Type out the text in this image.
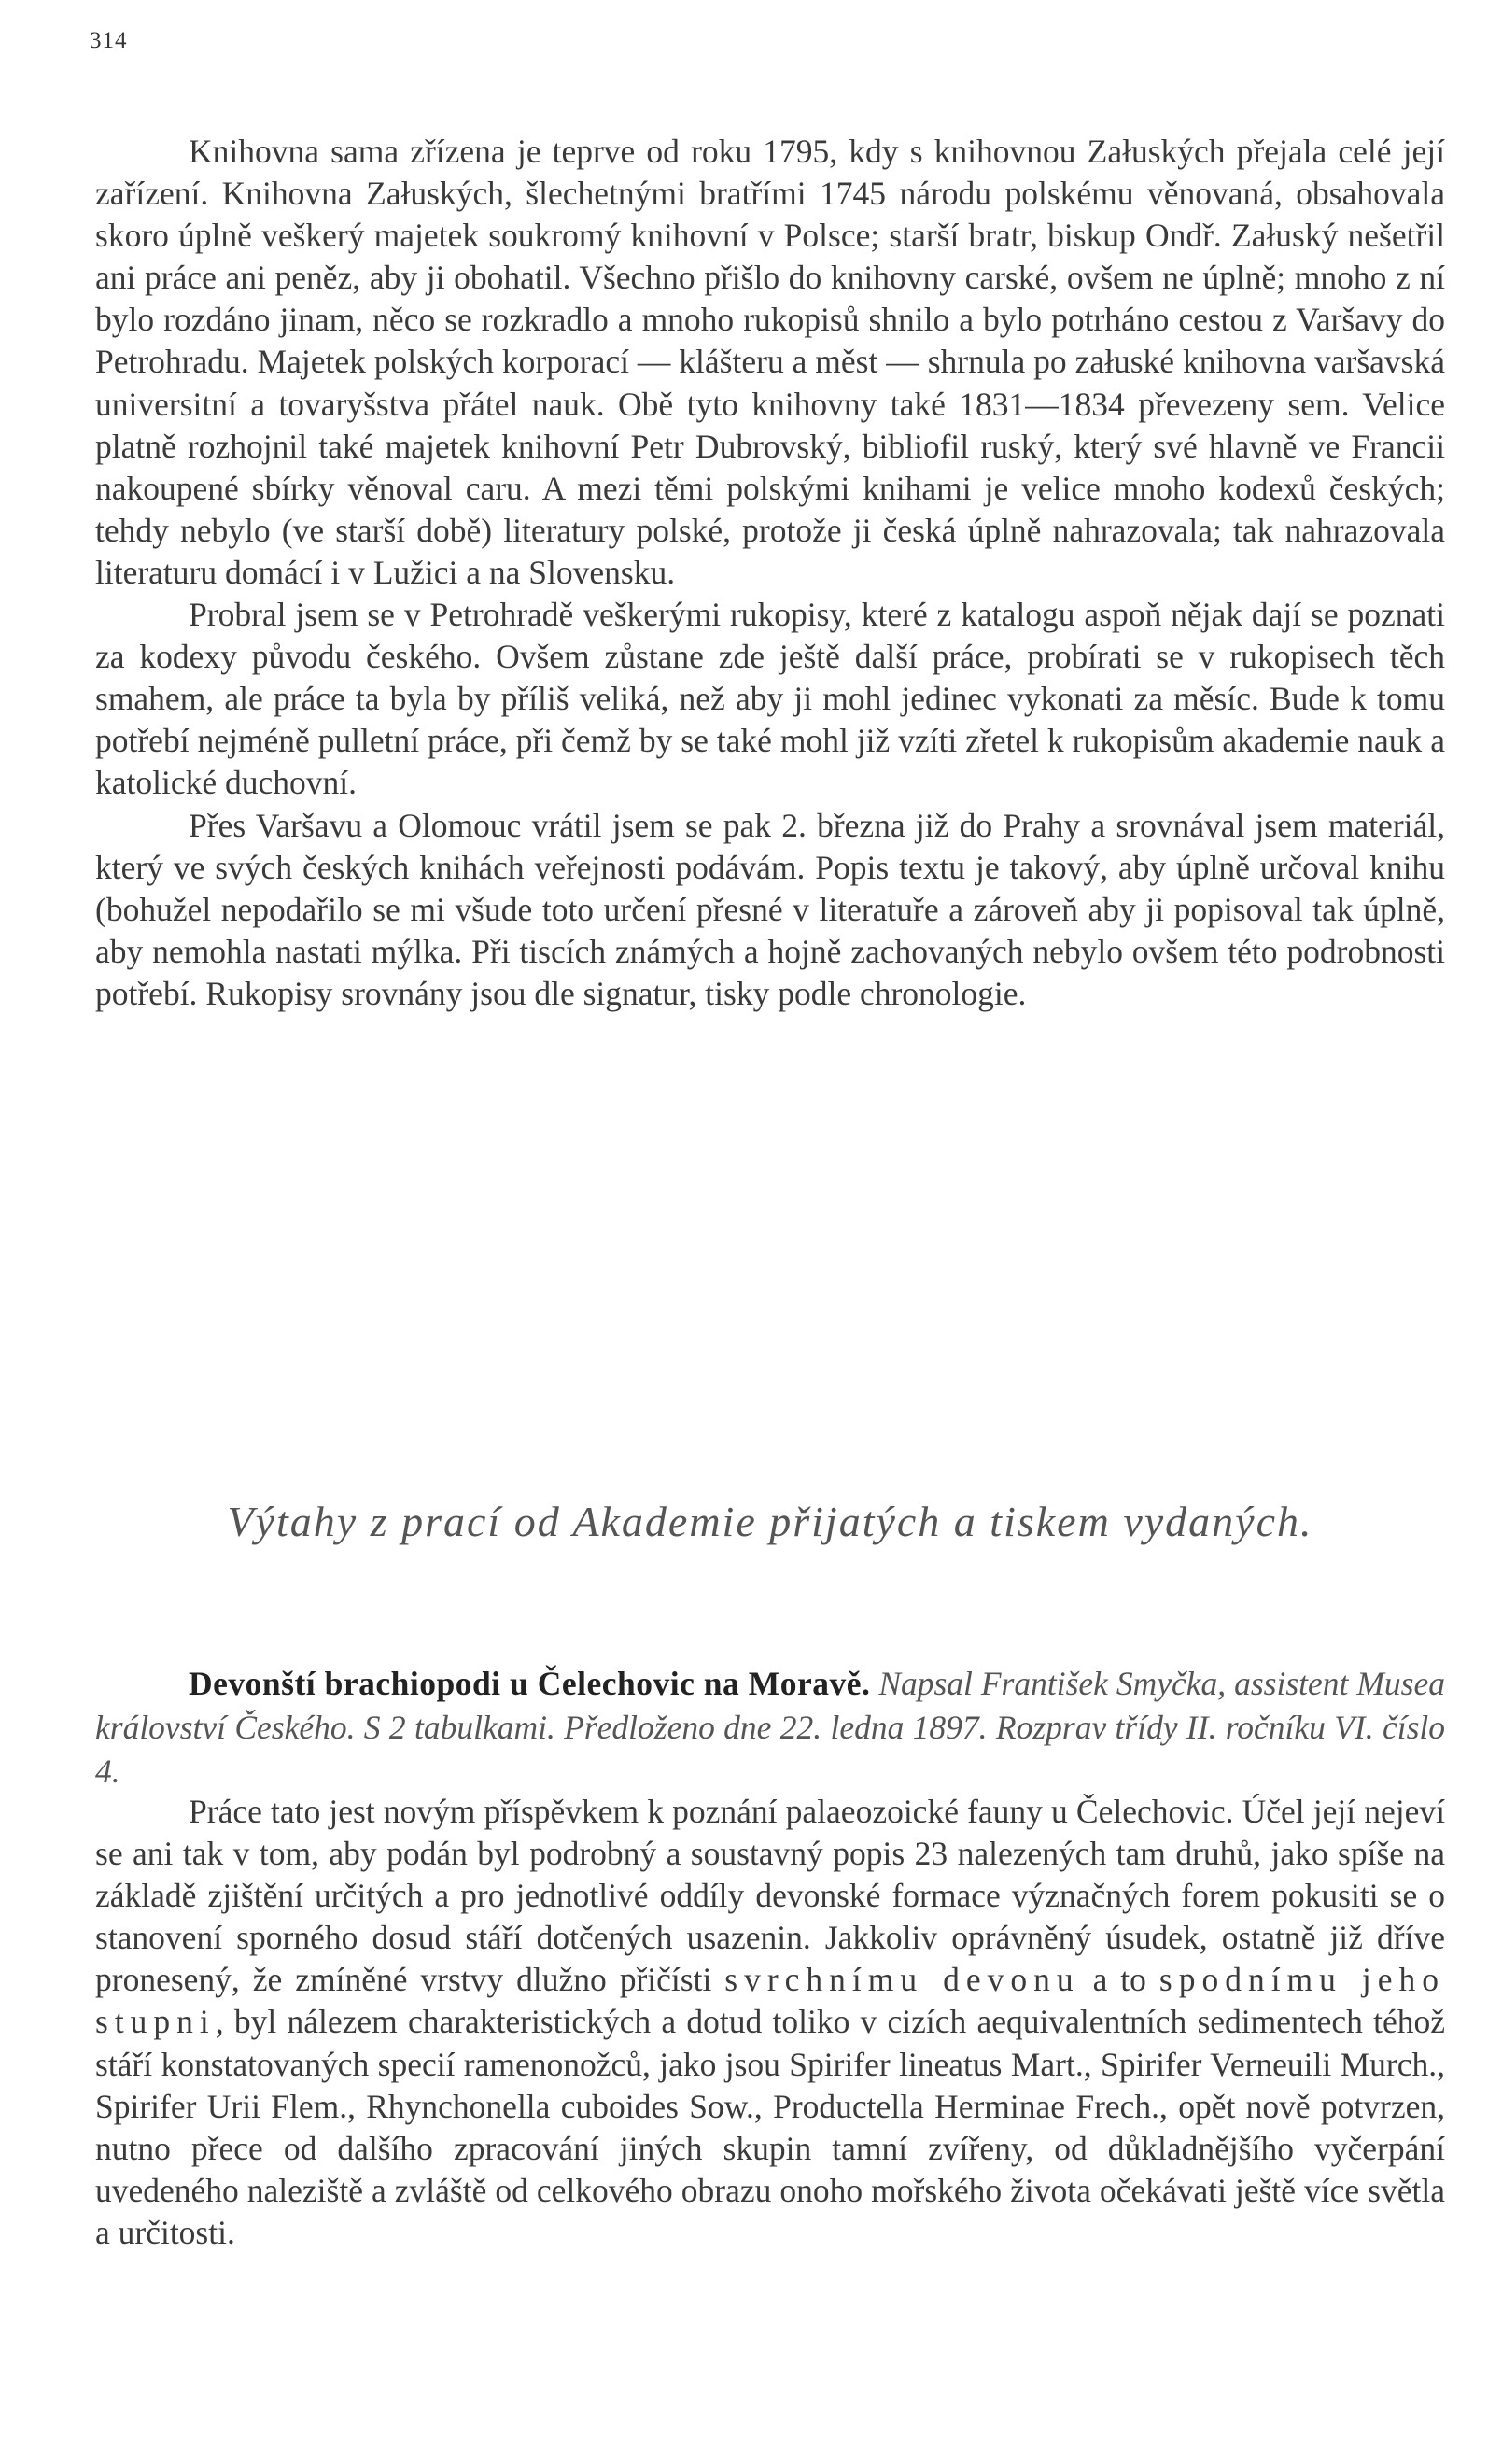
314

Knihovna sama zřízena je teprve od roku 1795, kdy s knihovnou Załuských přejala celé její zařízení. Knihovna Załuských, šlechetnými bratřími 1745 národu polskému věnovaná, obsahovala skoro úplně veškerý majetek soukromý knihovní v Polsce; starší bratr, biskup Ondř. Załuský nešetřil ani práce ani peněz, aby ji obohatil. Všechno přišlo do knihovny carské, ovšem ne úplně; mnoho z ní bylo rozdáno jinam, něco se rozkradlo a mnoho rukopisů shnilo a bylo potrháno cestou z Varšavy do Petrohradu. Majetek polských korporací — klášteru a měst — shrnula po załuské knihovna varšavská universitní a tovaryšstva přátel nauk. Obě tyto knihovny také 1831—1834 převezeny sem. Velice platně rozhojnil také majetek knihovní Petr Dubrovský, bibliofil ruský, který své hlavně ve Francii nakoupené sbírky věnoval caru. A mezi těmi polskými knihami je velice mnoho kodexů českých; tehdy nebylo (ve starší době) literatury polské, protože ji česká úplně nahrazovala; tak nahrazovala literaturu domácí i v Lužici a na Slovensku.

Probral jsem se v Petrohradě veškerými rukopisy, které z katalogu aspoň nějak dají se poznati za kodexy původu českého. Ovšem zůstane zde ještě další práce, probírati se v rukopisech těch smahem, ale práce ta byla by příliš veliká, než aby ji mohl jedinec vykonati za měsíc. Bude k tomu potřebí nejméně pulletní práce, při čemž by se také mohl již vzíti zřetel k rukopisům akademie nauk a katolické duchovní.

Přes Varšavu a Olomouc vrátil jsem se pak 2. března již do Prahy a srovnával jsem materiál, který ve svých českých knihách veřejnosti podávám. Popis textu je takový, aby úplně určoval knihu (bohužel nepodařilo se mi všude toto určení přesné v literatuře a zároveň aby ji popisoval tak úplně, aby nemohla nastati mýlka. Při tiscích známých a hojně zachovaných nebylo ovšem této podrobnosti potřebí. Rukopisy srovnány jsou dle signatur, tisky podle chronologie.

Výtahy z prací od Akademie přijatých a tiskem vydaných.

Devonští brachiopodi u Čelechovic na Moravě. Napsal František Smyčka, assistent Musea království Českého. S 2 tabulkami. Předloženo dne 22. ledna 1897. Rozprav třídy II. ročníku VI. číslo 4.

Práce tato jest novým příspěvkem k poznání palaeozoické fauny u Čelechovic. Účel její nejeví se ani tak v tom, aby podán byl podrobný a soustavný popis 23 nalezených tam druhů, jako spíše na základě zjištění určitých a pro jednotlivé oddíly devonské formace význačných forem pokusiti se o stanovení sporného dosud stáří dotčených usazenin. Jakkoliv oprávněný úsudek, ostatně již dříve pronesený, že zmíněné vrstvy dlužno přičísti svrchnímu devonu a to spodnímu jeho stupni, byl nálezem charakteristických a dotud toliko v cizích aequivalentních sedimentech téhož stáří konstatovaných specií ramenonožců, jako jsou Spirifer lineatus Mart., Spirifer Verneuili Murch., Spirifer Urii Flem., Rhynchonella cuboides Sow., Productella Herminae Frech., opět nově potvrzen, nutno přece od dalšího zpracování jiných skupin tamní zvířeny, od důkladnějšího vyčerpání uvedeného naleziště a zvláště od celkového obrazu onoho mořského života očekávati ještě více světla a určitosti.
